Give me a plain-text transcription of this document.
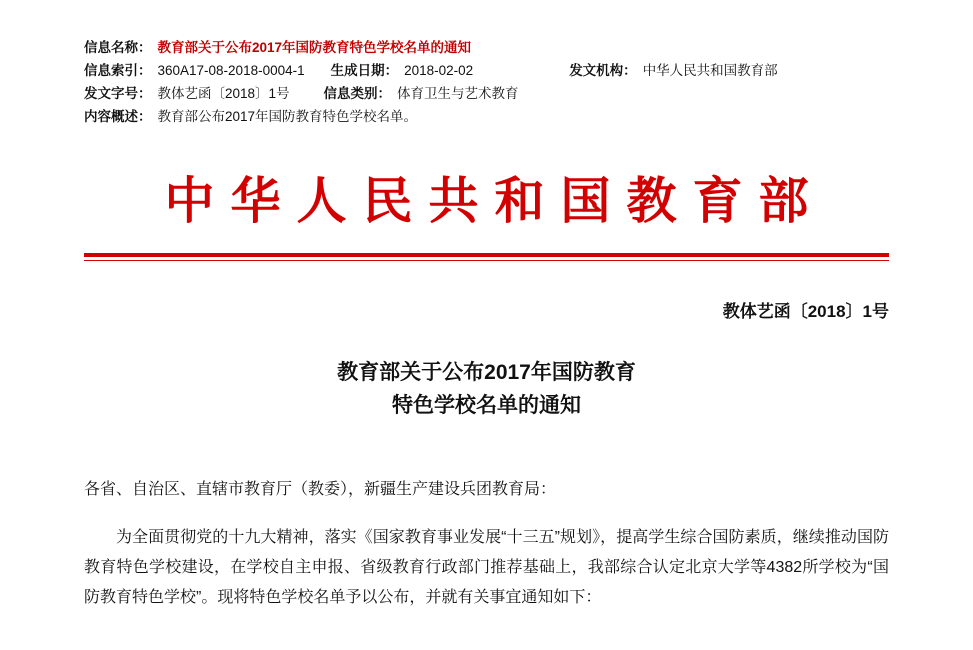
信息名称： 教育部关于公布2017年国防教育特色学校名单的通知
信息索引： 360A17-08-2018-0004-1 生成日期： 2018-02-02	发文机构： 中华人民共和国教育部
发文字号： 教体艺函〔2018〕1号	信息类别： 体育卫生与艺术教育
内容概述： 教育部公布2017年国防教育特色学校名单。
中华人民共和国教育部
教体艺函〔2018〕1号
教育部关于公布2017年国防教育
特色学校名单的通知
各省、自治区、直辖市教育厅（教委），新疆生产建设兵团教育局：
为全面贯彻党的十九大精神，落实《国家教育事业发展“十三五”规划》，提高学生综合国防素质，继续推动国防教育特色学校建设，在学校自主申报、省级教育行政部门推荐基础上，我部综合认定北京大学等4382所学校为“国防教育特色学校”。现将特色学校名单予以公布，并就有关事宜通知如下：
